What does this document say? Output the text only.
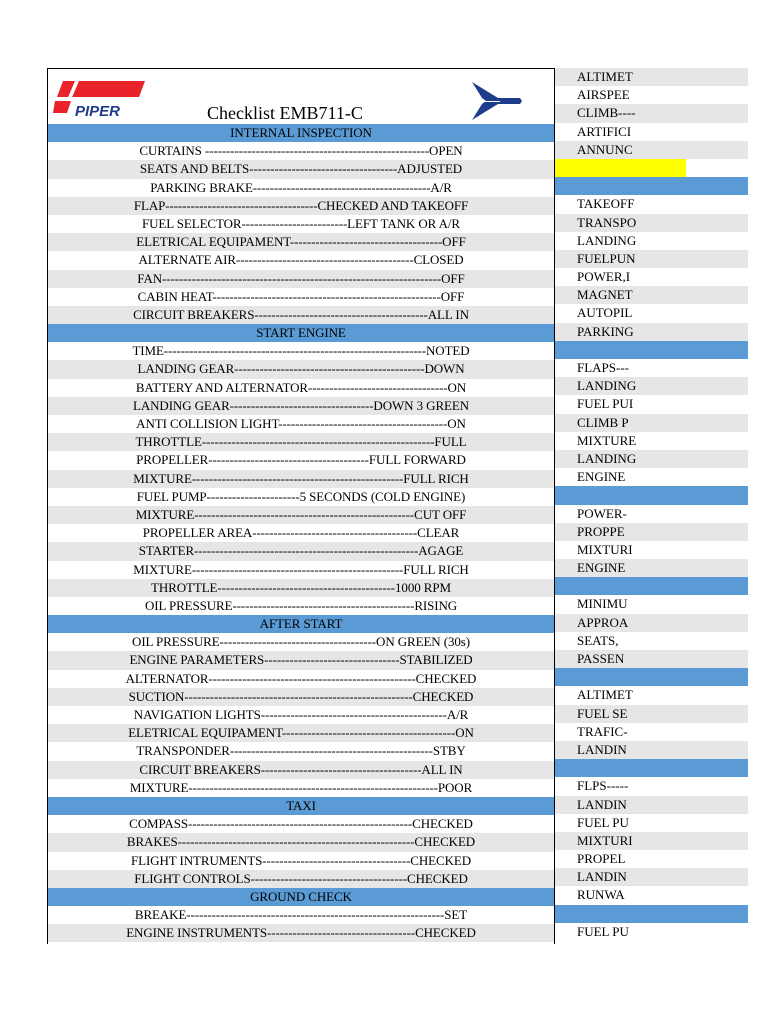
PIPER	Checklist EMB711-C
INTERNAL INSPECTION
CURTAINS -----------------------------------------------------OPEN
SEATS AND BELTS-----------------------------------ADJUSTED
PARKING BRAKE------------------------------------------A/R
FLAP------------------------------------CHECKED AND TAKEOFF
FUEL SELECTOR-------------------------LEFT TANK OR A/R
ELETRICAL EQUIPAMENT------------------------------------OFF
ALTERNATE AIR------------------------------------------CLOSED
FAN------------------------------------------------------------------OFF
CABIN HEAT------------------------------------------------------OFF
CIRCUIT BREAKERS-----------------------------------------ALL IN
START ENGINE
TIME--------------------------------------------------------------NOTED
LANDING GEAR---------------------------------------------DOWN
BATTERY AND ALTERNATOR---------------------------------ON
LANDING GEAR----------------------------------DOWN 3 GREEN
ANTI COLLISION LIGHT----------------------------------------ON
THROTTLE-------------------------------------------------------FULL
PROPELLER--------------------------------------FULL FORWARD
MIXTURE--------------------------------------------------FULL RICH
FUEL PUMP----------------------5 SECONDS (COLD ENGINE)
MIXTURE----------------------------------------------------CUT OFF
PROPELLER AREA---------------------------------------CLEAR
STARTER-----------------------------------------------------AGAGE
MIXTURE--------------------------------------------------FULL RICH
THROTTLE------------------------------------------1000 RPM
OIL PRESSURE-------------------------------------------RISING
AFTER START
OIL PRESSURE-------------------------------------ON GREEN (30s)
ENGINE PARAMETERS--------------------------------STABILIZED
ALTERNATOR-------------------------------------------------CHECKED
SUCTION------------------------------------------------------CHECKED
NAVIGATION LIGHTS--------------------------------------------A/R
ELETRICAL EQUIPAMENT-----------------------------------------ON
TRANSPONDER------------------------------------------------STBY
CIRCUIT BREAKERS--------------------------------------ALL IN
MIXTURE-----------------------------------------------------------POOR
TAXI
COMPASS-----------------------------------------------------CHECKED
BRAKES--------------------------------------------------------CHECKED
FLIGHT INTRUMENTS-----------------------------------CHECKED
FLIGHT CONTROLS-------------------------------------CHECKED
GROUND CHECK
BREAKE-------------------------------------------------------------SET
ENGINE INSTRUMENTS-----------------------------------CHECKED
ALTIMET
AIRSPEE
CLIMB----
ARTIFICI
ANNUNC
TAKEOFF
TRANSPO
LANDING
FUELPUN
POWER,I
MAGNET
AUTOPIL
PARKING
FLAPS---
LANDING
FUEL PUI
CLIMB P
MIXTURE
LANDING
ENGINE
POWER-
PROPPE
MIXTURI
ENGINE
MINIMU
APPROA
SEATS,
PASSEN
ALTIMET
FUEL SE
TRAFIC-
LANDIN
FLPS-----
LANDIN
FUEL PU
MIXTURI
PROPEL
LANDIN
RUNWA
FUEL PU
